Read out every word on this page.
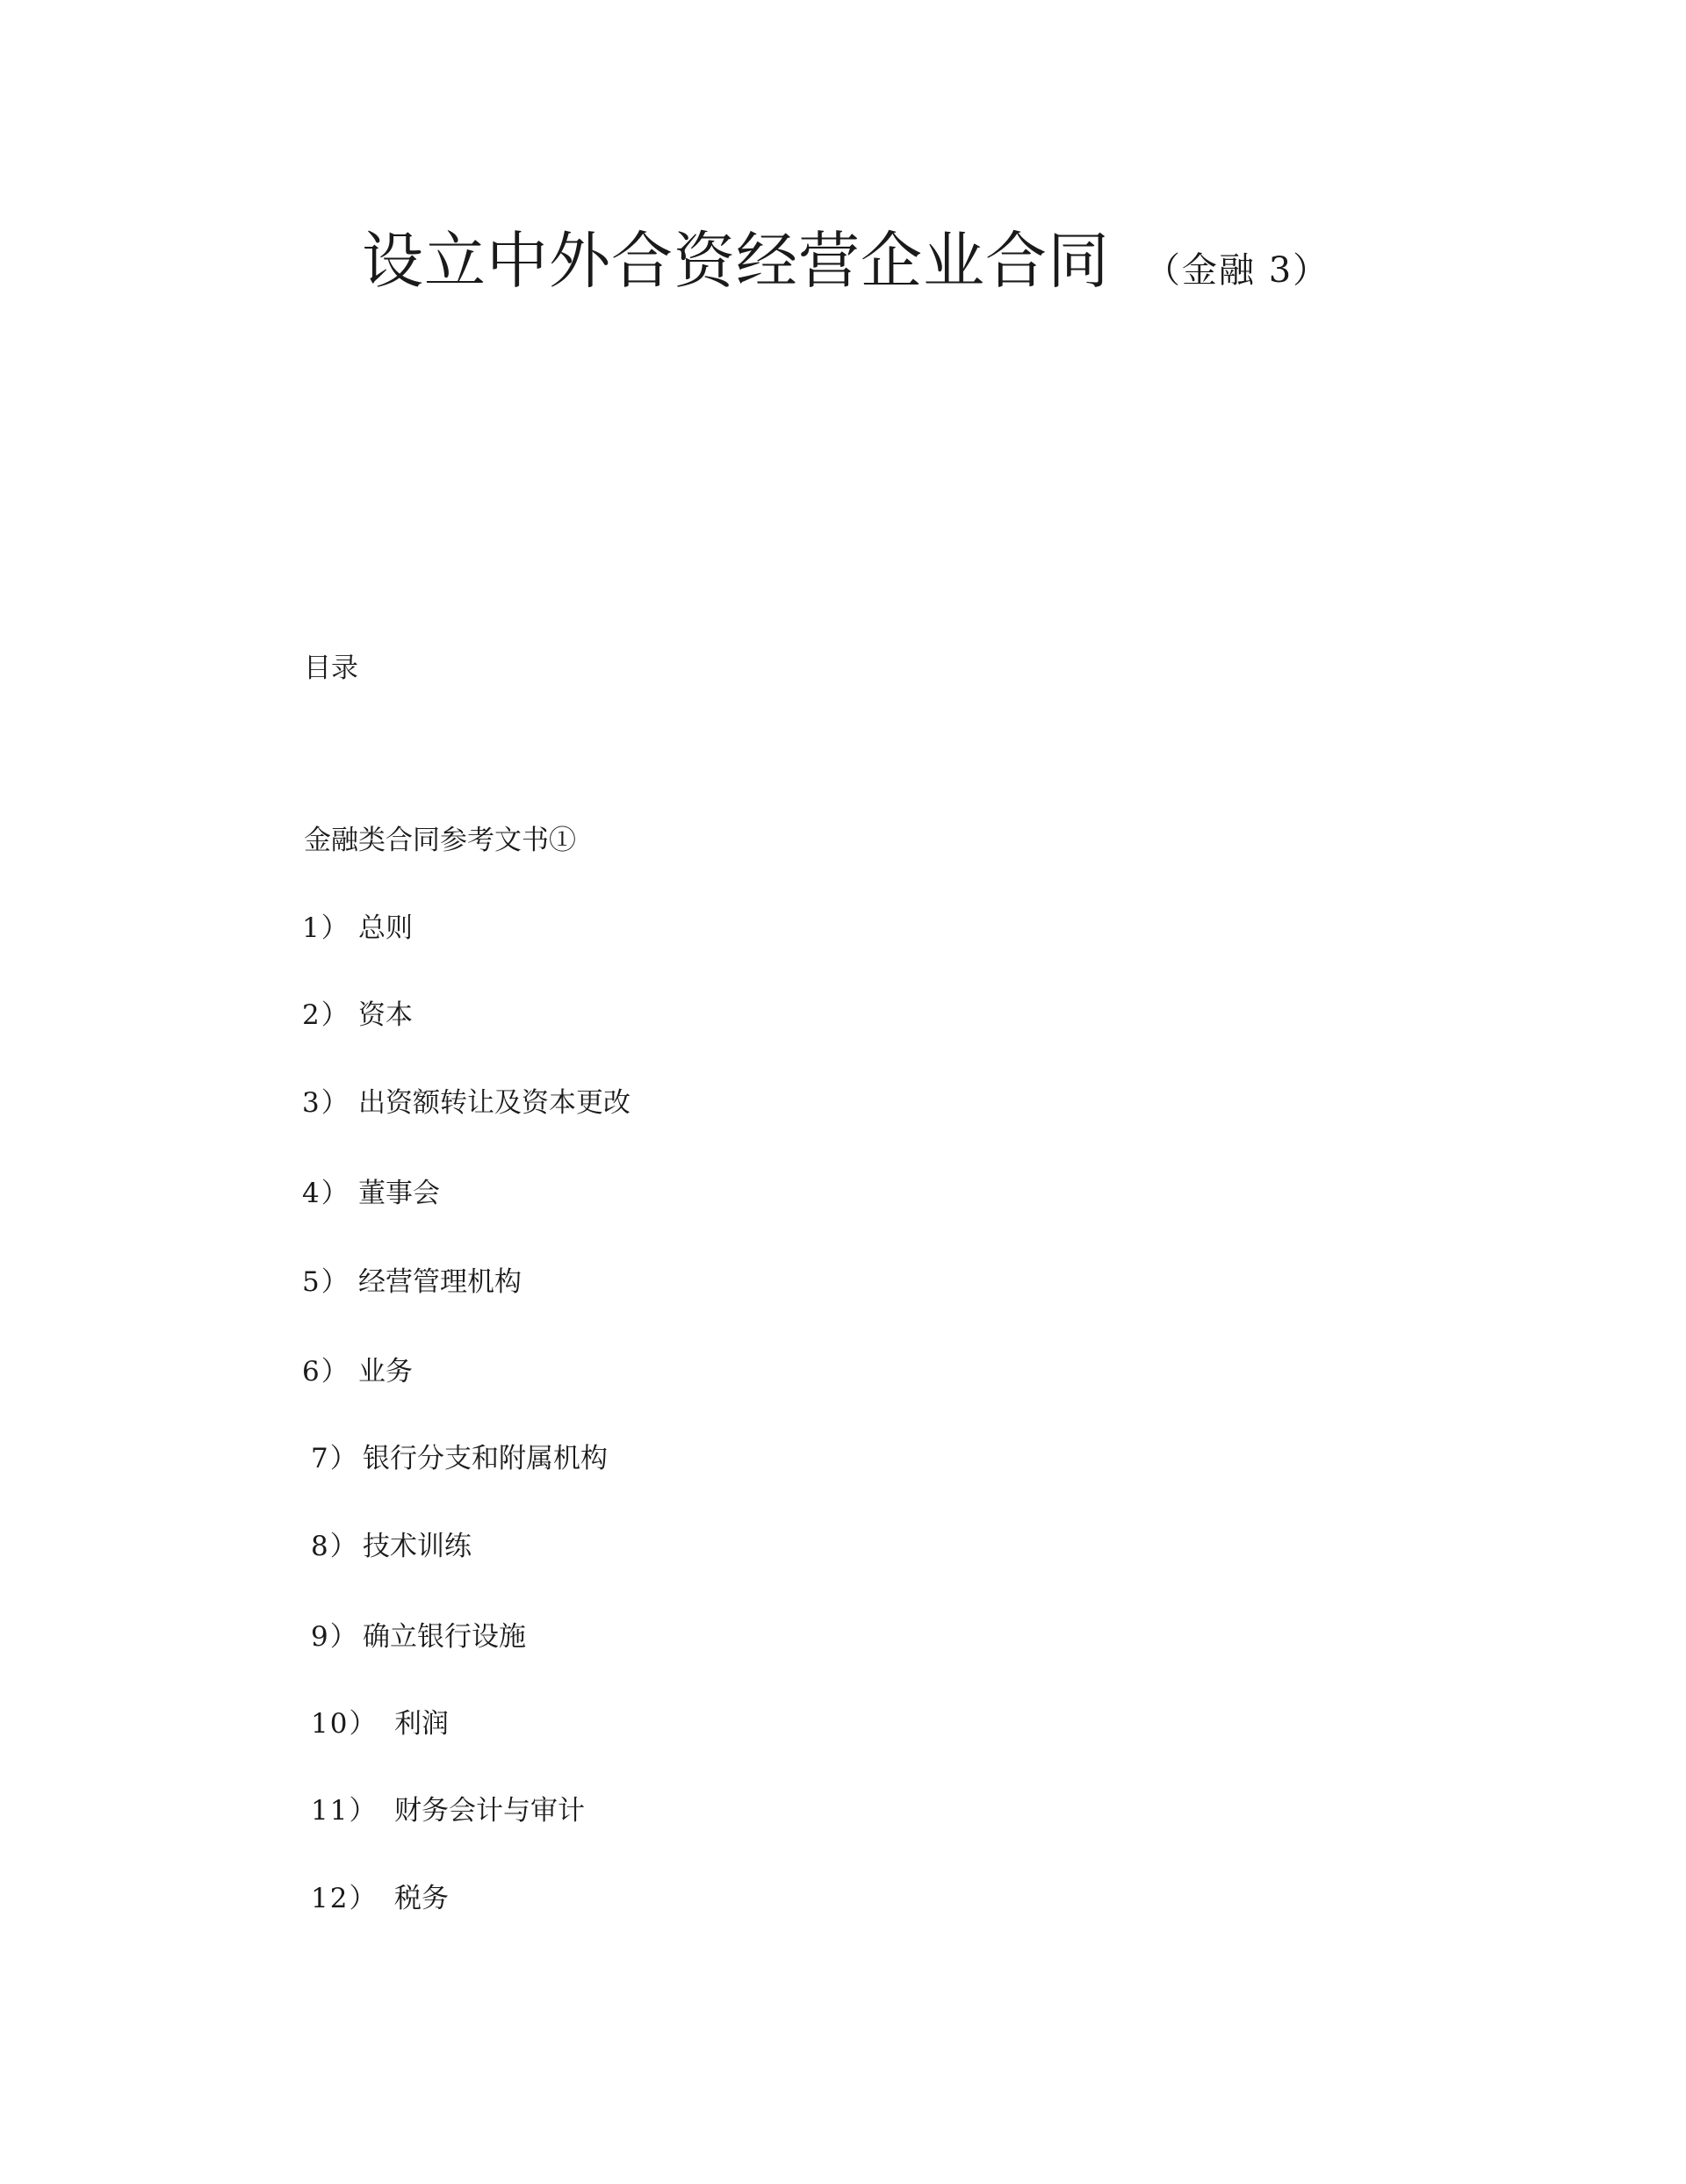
设立中外合资经营企业合同 （金融 3）
目录
金融类合同参考文书①
1） 总则
2） 资本
3） 出资额转让及资本更改
4） 董事会
5） 经营管理机构
6） 业务
7） 银行分支和附属机构
8） 技术训练
9） 确立银行设施
10） 利润
11） 财务会计与审计
12） 税务
